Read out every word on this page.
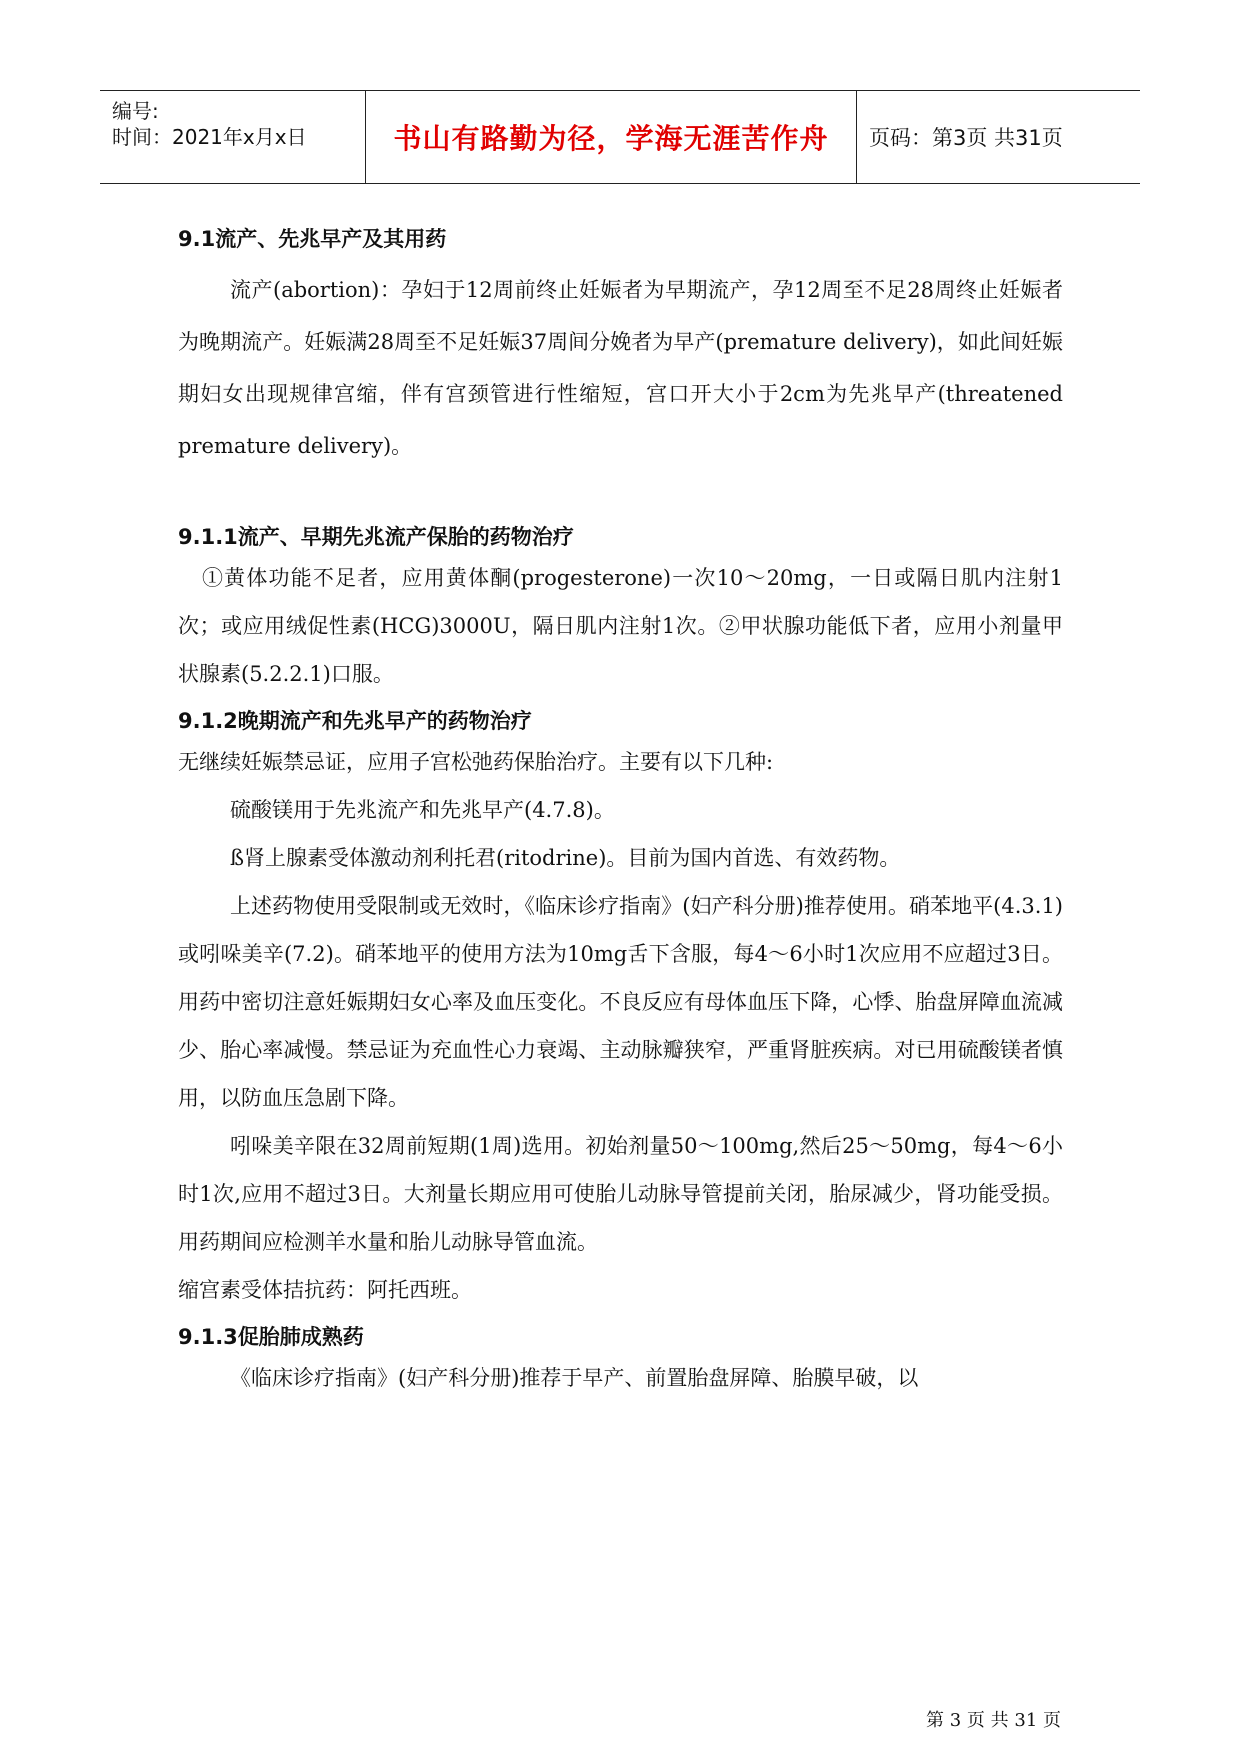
编号:
时间：2021年x月x日	书山有路勤为径，学海无涯苦作舟 页码：第3页 共31页
9.1流产、先兆早产及其用药

流产(abortion)：孕妇于12周前终止妊娠者为早期流产，孕12周至不足28周终止妊娠者为晚期流产。妊娠满28周至不足妊娠37周间分娩者为早产(premature delivery)，如此间妊娠期妇女出现规律宫缩，伴有宫颈管进行性缩短，宫口开大小于2cm为先兆早产(threatened premature delivery)。

9.1.1流产、早期先兆流产保胎的药物治疗

①黄体功能不足者，应用黄体酮(progesterone)一次10～20mg，一日或隔日肌内注射1次；或应用绒促性素(HCG)3000U，隔日肌内注射1次。②甲状腺功能低下者，应用小剂量甲状腺素(5.2.2.1)口服。

9.1.2晚期流产和先兆早产的药物治疗

无继续妊娠禁忌证，应用子宫松弛药保胎治疗。主要有以下几种:

硫酸镁用于先兆流产和先兆早产(4.7.8)。

ß肾上腺素受体激动剂利托君(ritodrine)。目前为国内首选、有效药物。

上述药物使用受限制或无效时，《临床诊疗指南》(妇产科分册)推荐使用。硝苯地平(4.3.1)或吲哚美辛(7.2)。硝苯地平的使用方法为10mg舌下含服，每4～6小时1次应用不应超过3日。用药中密切注意妊娠期妇女心率及血压变化。不良反应有母体血压下降，心悸、胎盘屏障血流减少、胎心率减慢。禁忌证为充血性心力衰竭、主动脉瓣狭窄，严重肾脏疾病。对已用硫酸镁者慎用，以防血压急剧下降。

吲哚美辛限在32周前短期(1周)选用。初始剂量50～100mg,然后25～50mg，每4～6小时1次,应用不超过3日。大剂量长期应用可使胎儿动脉导管提前关闭，胎尿减少，肾功能受损。用药期间应检测羊水量和胎儿动脉导管血流。

缩宫素受体拮抗药：阿托西班。

9.1.3促胎肺成熟药

《临床诊疗指南》(妇产科分册)推荐于早产、前置胎盘屏障、胎膜早破，以

第 3 页 共 31 页
